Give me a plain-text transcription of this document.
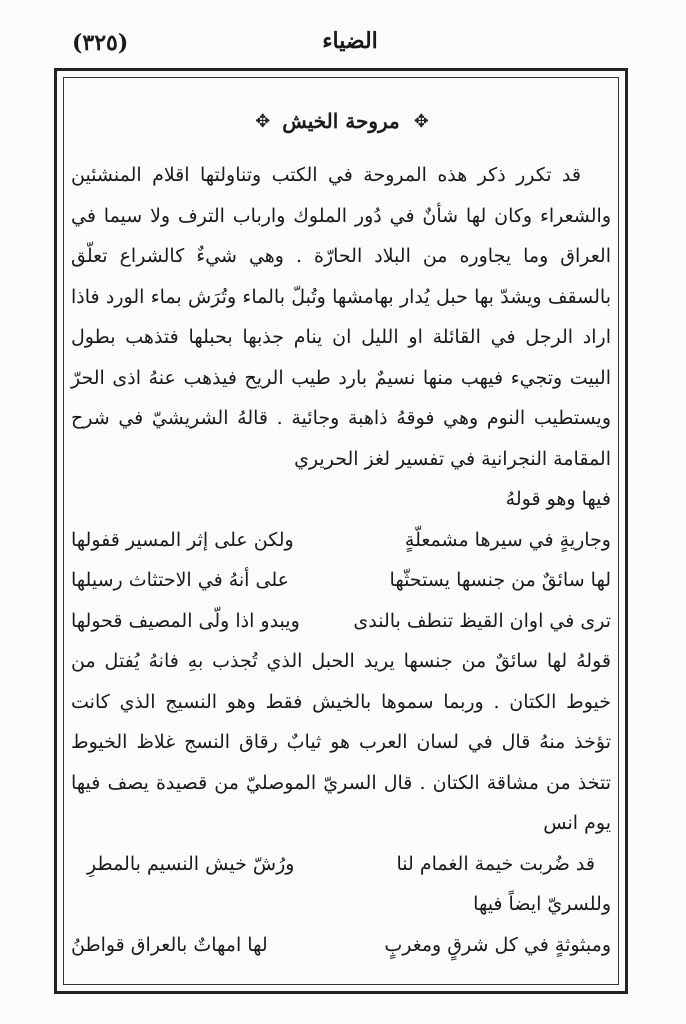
(٣٢٥)	الضياء
✥
مروحة الخيش
✥

قد تكرر ذكر هذه المروحة في الكتب وتناولتها اقلام المنشئين والشعراء وكان لها شأنٌ في دُور الملوك وارباب الترف ولا سيما في العراق وما يجاوره من البلاد الحارّة . وهي شيءٌ كالشراع تعلّق بالسقف ويشدّ بها حبل يُدار بهامشها وتُبلّ بالماء وتُرَش بماء الورد فاذا اراد الرجل في القائلة او الليل ان ينام جذبها بحبلها فتذهب بطول البيت وتجيء فيهب منها نسيمٌ بارد طيب الريح فيذهب عنهُ اذى الحرّ ويستطيب النوم وهي فوقهُ ذاهبة وجائية . قالهُ الشريشيّ في شرح المقامة النجرانية في تفسير لغز الحريري

فيها وهو قولهُ

وجاريةٍ في سيرها مشمعلّةٍ
ولكن على إثر المسير قفولها
لها سائقٌ من جنسها يستحثّها
على أنهُ في الاحتثاث رسيلها
ترى في اوان القيظ تنطف بالندى
ويبدو اذا ولّى المصيف قحولها

قولهُ لها سائقٌ من جنسها يريد الحبل الذي تُجذب بهِ فانهُ يُفتل من خيوط الكتان . وربما سموها بالخيش فقط وهو النسيج الذي كانت تؤخذ منهُ قال في لسان العرب هو ثيابٌ رقاق النسج غلاظ الخيوط تتخذ من مشاقة الكتان . قال السريّ الموصليّ من قصيدة يصف فيها يوم انس

قد ضُربت خيمة الغمام لنا
ورُشّ خيش النسيم بالمطرِ

وللسريّ ايضاً فيها

ومبثوثةٍ في كل شرقٍ ومغربٍ
لها امهاتٌ بالعراق قواطنُ
